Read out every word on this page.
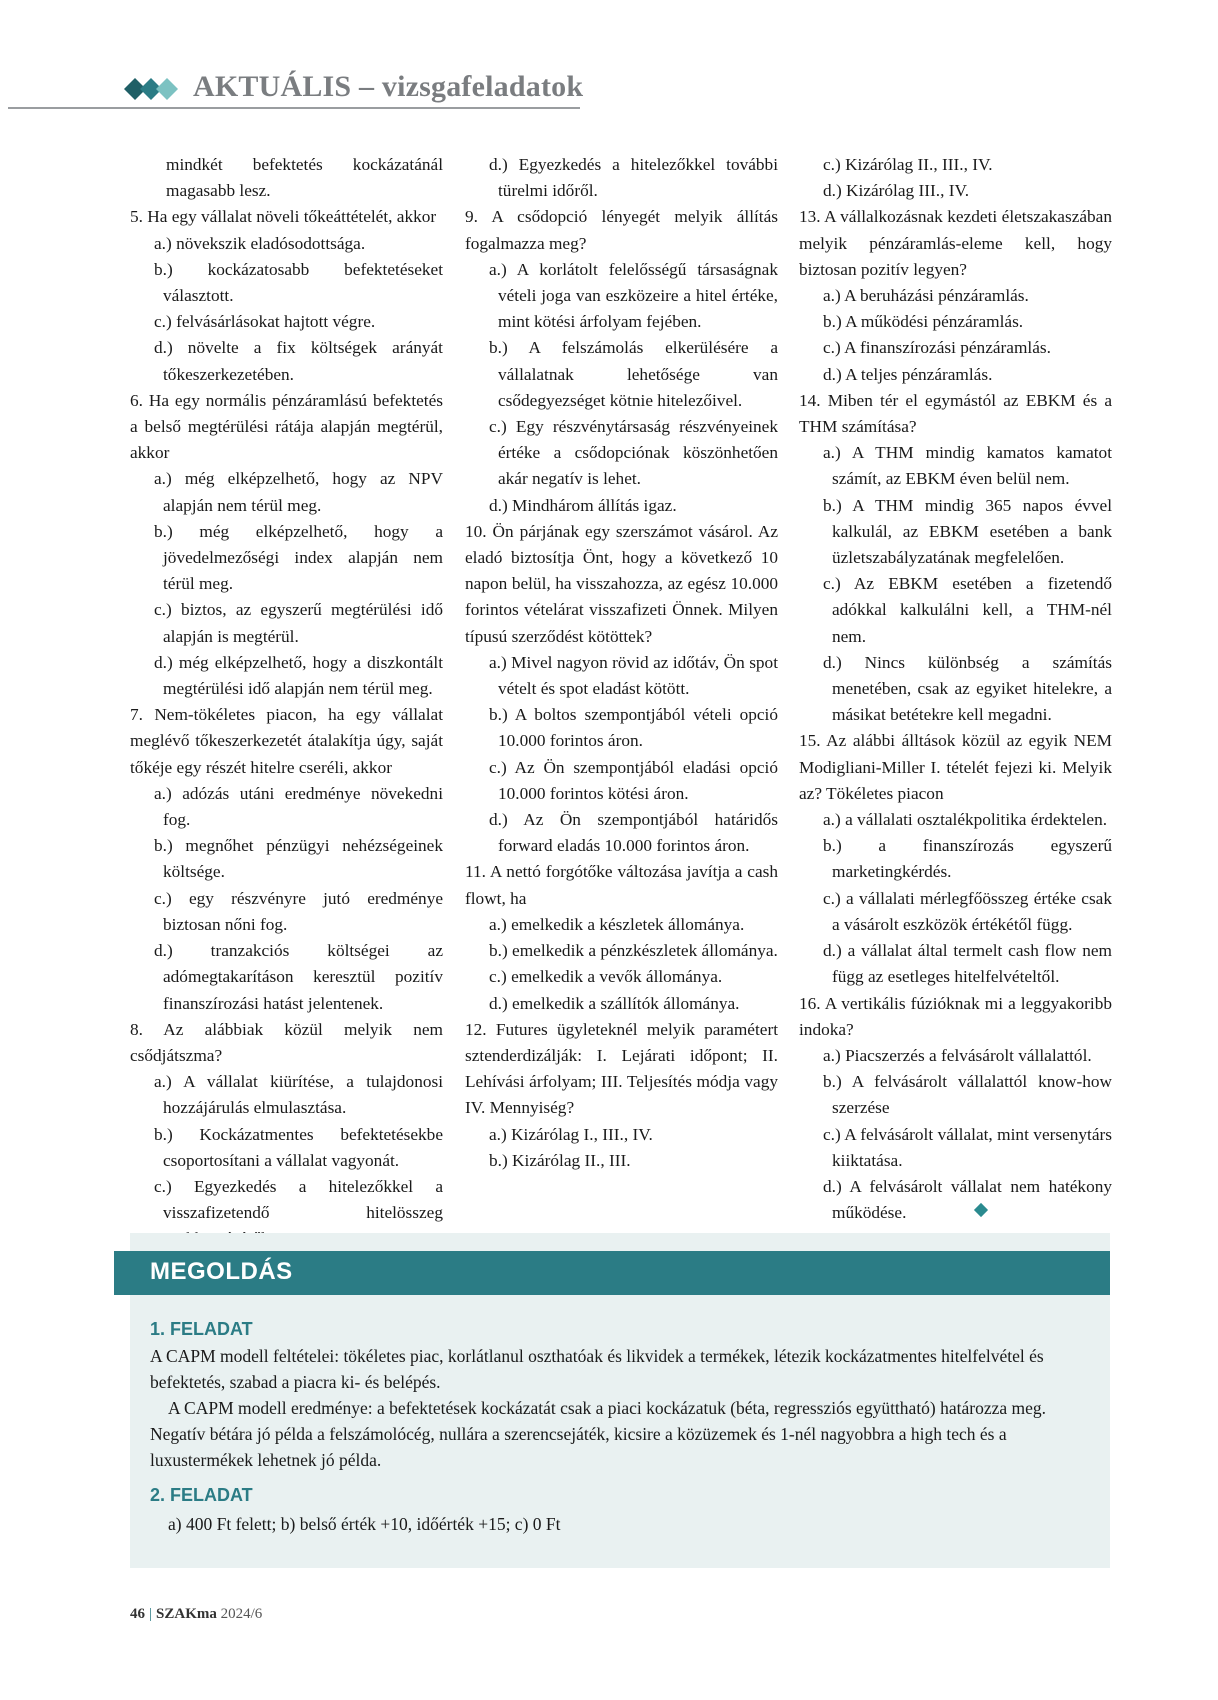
AKTUÁLIS – vizsgafeladatok

mindkét befektetés kockázatánál magasabb lesz.

5. Ha egy vállalat növeli tőkeáttételét, akkor

a.) növekszik eladósodottsága.

b.) kockázatosabb befektetéseket választott.

c.) felvásárlásokat hajtott végre.

d.) növelte a fix költségek arányát tőkeszerkezetében.

6. Ha egy normális pénzáramlású befektetés a belső megtérülési rátája alapján megtérül, akkor

a.) még elképzelhető, hogy az NPV alapján nem térül meg.

b.) még elképzelhető, hogy a jövedelmezőségi index alapján nem térül meg.

c.) biztos, az egyszerű megtérülési idő alapján is megtérül.

d.) még elképzelhető, hogy a diszkontált megtérülési idő alapján nem térül meg.

7. Nem-tökéletes piacon, ha egy vállalat meglévő tőkeszerkezetét átalakítja úgy, saját tőkéje egy részét hitelre cseréli, akkor

a.) adózás utáni eredménye növekedni fog.

b.) megnőhet pénzügyi nehézségeinek költsége.

c.) egy részvényre jutó eredménye biztosan nőni fog.

d.) tranzakciós költségei az adómegtakarításon keresztül pozitív finanszírozási hatást jelentenek.

8. Az alábbiak közül melyik nem csődjátszma?

a.) A vállalat kiürítése, a tulajdonosi hozzájárulás elmulasztása.

b.) Kockázatmentes befektetésekbe csoportosítani a vállalat vagyonát.

c.) Egyezkedés a hitelezőkkel a visszafizetendő hitelösszeg

d.) Egyezkedés a hitelezőkkel további türelmi időről.

9. A csődopció lényegét melyik állítás fogalmazza meg?

a.) A korlátolt felelősségű társaságnak vételi joga van eszközeire a hitel értéke, mint kötési árfolyam fejében.

b.) A felszámolás elkerülésére a vállalatnak lehetősége van csődegyezséget kötnie hitelezőivel.

c.) Egy részvénytársaság részvényeinek értéke a csődopciónak köszönhetően akár negatív is lehet.

d.) Mindhárom állítás igaz.

10. Ön párjának egy szerszámot vásárol. Az eladó biztosítja Önt, hogy a következő 10 napon belül, ha visszahozza, az egész 10.000 forintos vételárat visszafizeti Önnek. Milyen típusú szerződést kötöttek?

a.) Mivel nagyon rövid az időtáv, Ön spot vételt és spot eladást kötött.

b.) A boltos szempontjából vételi opció 10.000 forintos áron.

c.) Az Ön szempontjából eladási opció 10.000 forintos kötési áron.

d.) Az Ön szempontjából határidős forward eladás 10.000 forintos áron.

11. A nettó forgótőke változása javítja a cash flowt, ha

a.) emelkedik a készletek állománya.

b.) emelkedik a pénzkészletek állománya.

c.) emelkedik a vevők állománya.

d.) emelkedik a szállítók állománya.

12. Futures ügyleteknél melyik paramétert sztenderdizálják: I. Lejárati időpont; II. Lehívási árfolyam; III. Teljesítés módja vagy IV. Mennyiség?

a.) Kizárólag I., III., IV.

b.) Kizárólag II., III.

c.) Kizárólag II., III., IV.

d.) Kizárólag III., IV.

13. A vállalkozásnak kezdeti életszakaszában melyik pénzáramlás-eleme kell, hogy biztosan pozitív legyen?

a.) A beruházási pénzáramlás.

b.) A működési pénzáramlás.

c.) A finanszírozási pénzáramlás.

d.) A teljes pénzáramlás.

14. Miben tér el egymástól az EBKM és a THM számítása?

a.) A THM mindig kamatos kamatot számít, az EBKM éven belül nem.

b.) A THM mindig 365 napos évvel kalkulál, az EBKM esetében a bank üzletszabályzatának megfelelően.

c.) Az EBKM esetében a fizetendő adókkal kalkulálni kell, a THM-nél nem.

d.) Nincs különbség a számítás menetében, csak az egyiket hitelekre, a másikat betétekre kell megadni.

15. Az alábbi álltások közül az egyik NEM Modigliani-Miller I. tételét fejezi ki. Melyik az? Tökéletes piacon

a.) a vállalati osztalékpolitika érdektelen.

b.) a finanszírozás egyszerű marketingkérdés.

c.) a vállalati mérlegfőösszeg értéke csak a vásárolt eszközök értékétől függ.

d.) a vállalat által termelt cash flow nem függ az esetleges hitelfelvételtől.

16. A vertikális fúzióknak mi a leggyakoribb indoka?

a.) Piacszerzés a felvásárolt vállalattól.

b.) A felvásárolt vállalattól know-how szerzése

c.) A felvásárolt vállalat, mint versenytárs kiiktatása.

d.) A felvásárolt vállalat nem hatékony működése.

MEGOLDÁS
1. FELADAT

A CAPM modell feltételei: tökéletes piac, korlátlanul oszthatóak és likvidek a termékek, létezik kockázatmentes hitelfelvétel és befektetés, szabad a piacra ki- és belépés.

A CAPM modell eredménye: a befektetések kockázatát csak a piaci kockázatuk (béta, regressziós együttható) határozza meg. Negatív bétára jó példa a felszámolócég, nullára a szerencsejáték, kicsire a közüzemek és 1-nél nagyobbra a high tech és a luxustermékek lehetnek jó példa.

2. FELADAT
a) 400 Ft felett; b) belső érték +10, időérték +15; c) 0 Ft
46 | SZAKma 2024/6
